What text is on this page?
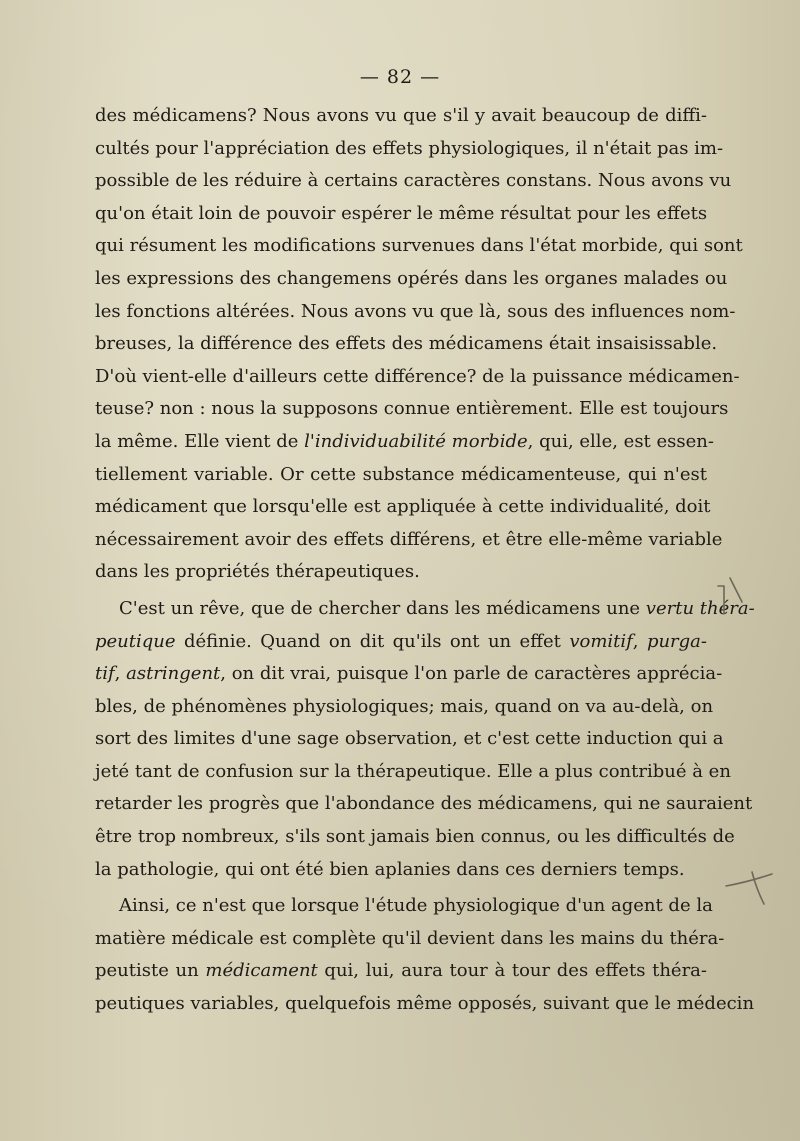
— 82 —
des médicamens? Nous avons vu que s'il y avait beaucoup de diffi-
cultés pour l'appréciation des effets physiologiques, il n'était pas im-
possible de les réduire à certains caractères constans. Nous avons vu
qu'on était loin de pouvoir espérer le même résultat pour les effets
qui résument les modifications survenues dans l'état morbide, qui sont
les expressions des changemens opérés dans les organes malades ou
les fonctions altérées. Nous avons vu que là, sous des influences nom-
breuses, la différence des effets des médicamens était insaisissable.
D'où vient-elle d'ailleurs cette différence? de la puissance médicamen-
teuse? non : nous la supposons connue entièrement. Elle est toujours
la même. Elle vient de l'individuabilité morbide, qui, elle, est essen-
tiellement variable. Or cette substance médicamenteuse, qui n'est
médicament que lorsqu'elle est appliquée à cette individualité, doit
nécessairement avoir des effets différens, et être elle-même variable
dans les propriétés thérapeutiques.
C'est un rêve, que de chercher dans les médicamens une vertu théra-
peutique définie. Quand on dit qu'ils ont un effet vomitif, purga-
tif, astringent, on dit vrai, puisque l'on parle de caractères apprécia-
bles, de phénomènes physiologiques; mais, quand on va au-delà, on
sort des limites d'une sage observation, et c'est cette induction qui a
jeté tant de confusion sur la thérapeutique. Elle a plus contribué à en
retarder les progrès que l'abondance des médicamens, qui ne sauraient
être trop nombreux, s'ils sont jamais bien connus, ou les difficultés de
la pathologie, qui ont été bien aplanies dans ces derniers temps.
Ainsi, ce n'est que lorsque l'étude physiologique d'un agent de la
matière médicale est complète qu'il devient dans les mains du théra-
peutiste un médicament qui, lui, aura tour à tour des effets théra-
peutiques variables, quelquefois même opposés, suivant que le médecin
